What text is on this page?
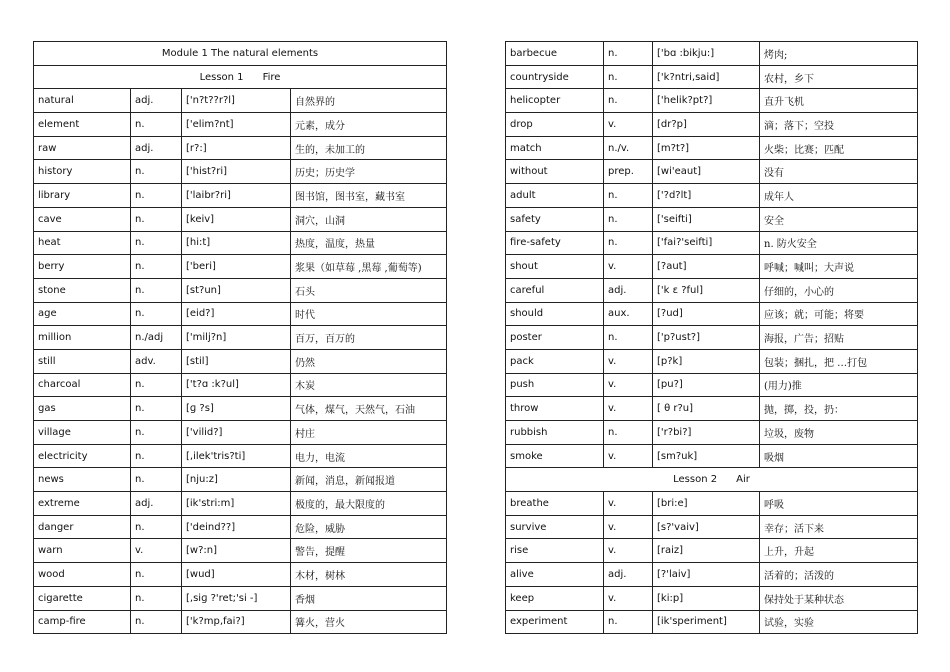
Module 1 The natural elements			
Lesson 1      Fire			
natural	adj.	['n?t??r?l]	自然界的
element	n.	['elim?nt]	元素，成分
raw	adj.	[r?:]	生的，未加工的
history	n.	['hist?ri]	历史；历史学
library	n.	['laibr?ri]	图书馆，图书室，藏书室
cave	n.	[keiv]	洞穴，山洞
heat	n.	[hi:t]	热度，温度，热量
berry	n.	['beri]	浆果（如草莓 ,黑莓 ,葡萄等)
stone	n.	[st?un]	石头
age	n.	[eid?]	时代
million	n./adj	['milj?n]	百万，百万的
still	adv.	[stil]	仍然
charcoal	n.	['t?ɑ :k?ul]	木炭
gas	n.	[ɡ ?s]	气体，煤气，天然气，石油
village	n.	['vilid?]	村庄
electricity	n.	[,ilek'tris?ti]	电力，电流
news	n.	[nju:z]	新闻，消息，新闻报道
extreme	adj.	[ik'stri:m]	极度的，最大限度的
danger	n.	['deind??]	危险，威胁
warn	v.	[w?:n]	警告，提醒
wood	n.	[wud]	木材，树林
cigarette	n.	[,siɡ ?'ret;'si -]	香烟
camp-fire	n.	['k?mp,fai?]	篝火，营火
barbecue	n.	['bɑ :bikju:]	烤肉;
countryside	n.	['k?ntri,said]	农村，乡下
helicopter	n.	['helik?pt?]	直升飞机
drop	v.	[dr?p]	滴；落下；空投
match	n./v.	[m?t?]	火柴；比赛；匹配
without	prep.	[wi'eaut]	没有
adult	n.	['?d?lt]	成年人
safety	n.	['seifti]	安全
fire-safety	n.	['fai?'seifti]	n. 防火安全
shout	v.	[?aut]	呼喊；喊叫；大声说
careful	adj.	['k ɛ ?ful]	仔细的，小心的
should	aux.	[?ud]	应该；就；可能；将要
poster	n.	['p?ust?]	海报，广告；招贴
pack	v.	[p?k]	包装；捆扎，把 …打包
push	v.	[pu?]	(用力)推
throw	v.	[ θ r?u]	抛，掷，投，扔：
rubbish	n.	['r?bi?]	垃圾，废物
smoke	v.	[sm?uk]	吸烟
Lesson 2      Air			
breathe	v.	[bri:e]	呼吸
survive	v.	[s?'vaiv]	幸存；活下来
rise	v.	[raiz]	上升，升起
alive	adj.	[?'laiv]	活着的；活泼的
keep	v.	[ki:p]	保持处于某种状态
experiment	n.	[ik'speriment]	试验，实验
